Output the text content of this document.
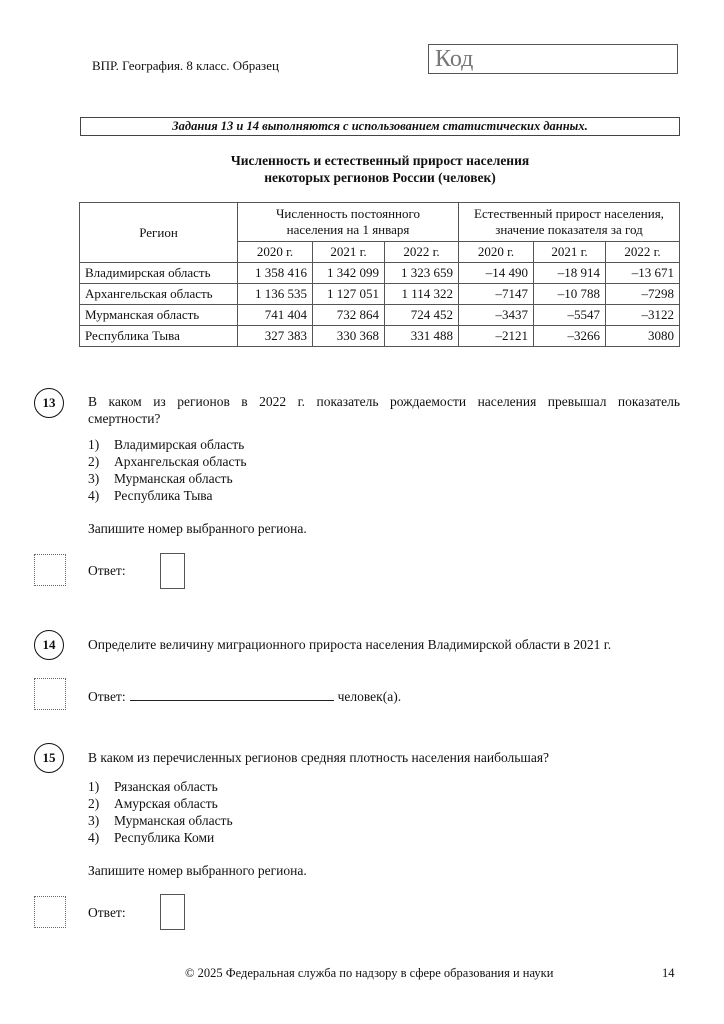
ВПР. География. 8 класс. Образец	Код
Задания 13 и 14 выполняются с использованием статистических данных.
Численность и естественный прирост населения
некоторых регионов России (человек)
Регион	
Численность постоянного
населения на 1 января

Естественный прирост населения,
значение показателя за год

	2020 г.	2021 г.	2022 г.	2020 г.	2021 г.	2022 г.
Владимирская область	1 358 416	1 342 099	1 323 659	–14 490	–18 914	–13 671
Архангельская область	1 136 535	1 127 051	1 114 322	–7147	–10 788	–7298
Мурманская область	741 404	732 864	724 452	–3437	–5547	–3122
Республика Тыва	327 383	330 368	331 488	–2121	–3266	3080
13	В каком из регионов в 2022 г. показатель рождаемости населения превышал показатель
смертности?
1) Владимирская область
2) Архангельская область
3) Мурманская область
4) Республика Тыва
Запишите номер выбранного региона.
Ответ:
14	Определите величину миграционного прироста населения Владимирской области в 2021 г.
Ответ:	человек(а).
15	В каком из перечисленных регионов средняя плотность населения наибольшая?
1) Рязанская область
2) Амурская область
3) Мурманская область
4) Республика Коми
Запишите номер выбранного региона.
Ответ:
© 2025 Федеральная служба по надзору в сфере образования и науки	14
